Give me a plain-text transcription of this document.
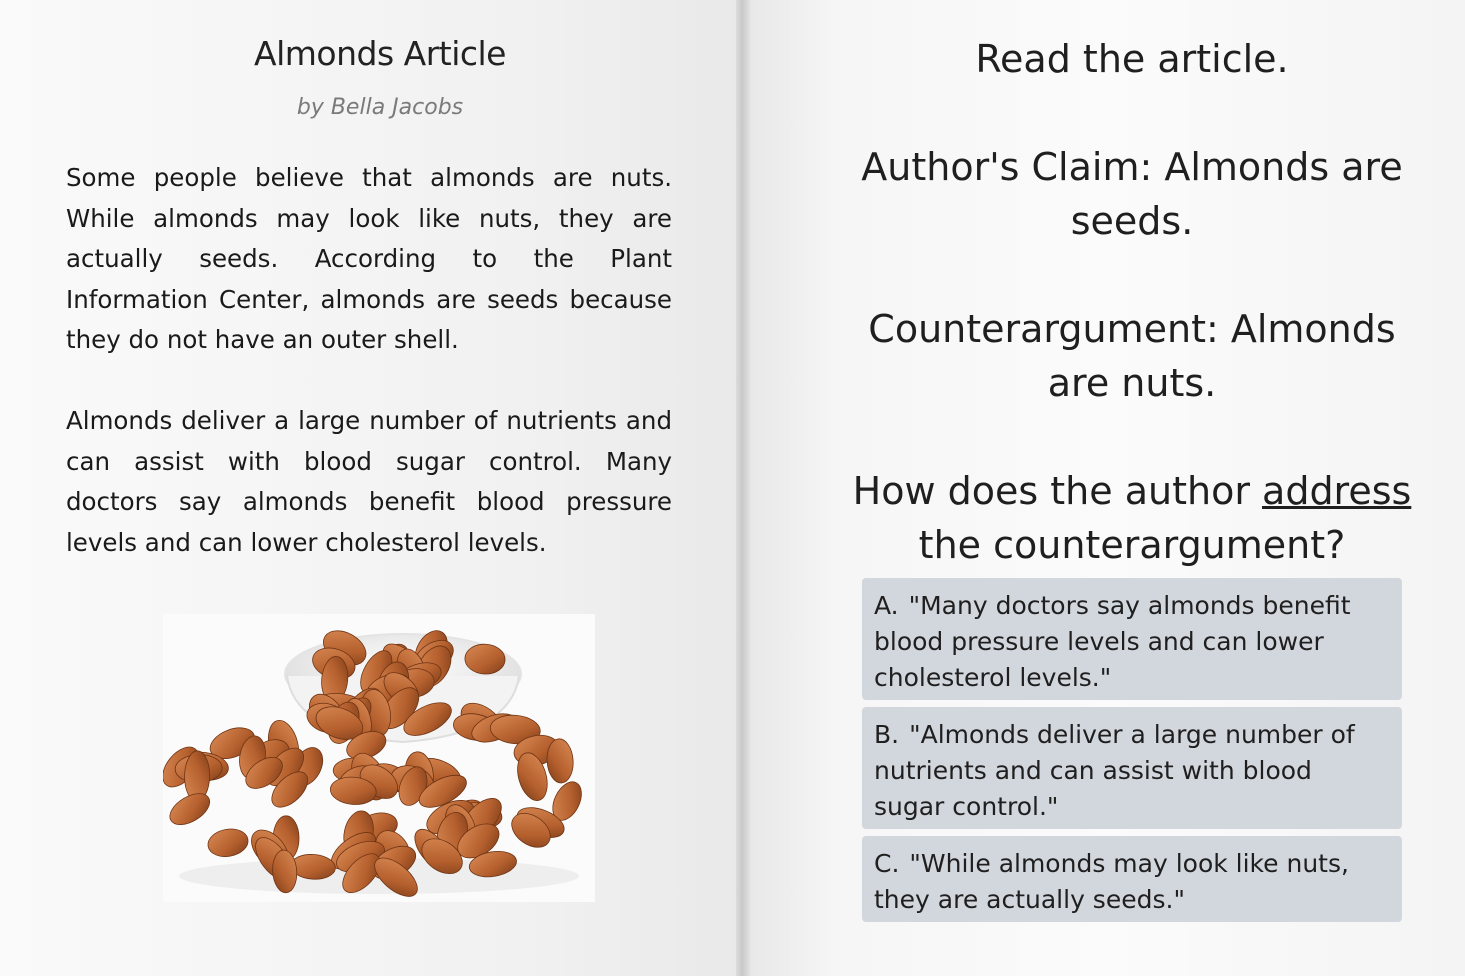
Almonds Article
by Bella Jacobs
Some people believe that almonds are nuts. While almonds may look like nuts, they are actually seeds. According to the Plant Information Center, almonds are seeds because they do not have an outer shell.
Almonds deliver a large number of nutrients and can assist with blood sugar control. Many doctors say almonds benefit blood pressure levels and can lower cholesterol levels.
Read the article.
Author's Claim: Almonds are seeds.
Counterargument: Almonds are nuts.
How does the author address the counterargument?
A. "Many doctors say almonds benefit blood pressure levels and can lower cholesterol levels."
B. "Almonds deliver a large number of nutrients and can assist with blood sugar control."
C. "While almonds may look like nuts, they are actually seeds."
